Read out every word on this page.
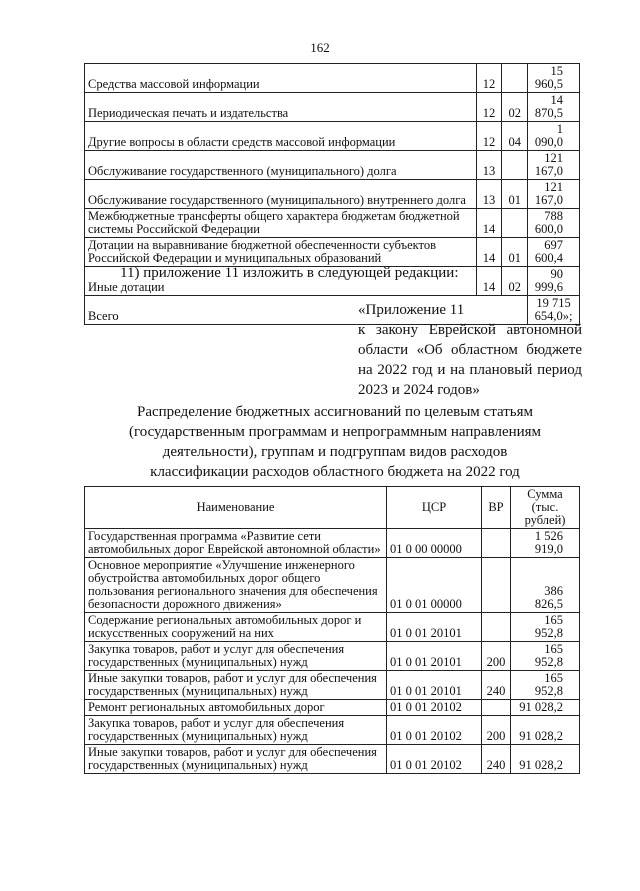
162
Средства массовой информации	12		15 960,5
Периодическая печать и издательства	12	02	14 870,5
Другие вопросы в области средств массовой информации	12	04	1 090,0
Обслуживание государственного (муниципального) долга	13		121 167,0
Обслуживание государственного (муниципального) внутреннего долга	13	01	121 167,0
Межбюджетные трансферты общего характера бюджетам бюджетной системы Российской Федерации	14		788 600,0
Дотации на выравнивание бюджетной обеспеченности субъектов Российской Федерации и муниципальных образований	14	01	697 600,4
Иные дотации	14	02	90 999,6
Всего			19 715 654,0»;
11) приложение 11 изложить в следующей редакции:
«Приложение 11
к закону Еврейской автономной
области «Об областном бюджете
на 2022 год и на плановый период
2023 и 2024 годов»
Распределение бюджетных ассигнований по целевым статьям
(государственным программам и непрограммным направлениям
деятельности), группам и подгруппам видов расходов
классификации расходов областного бюджета на 2022 год
Наименование	ЦСР	ВР	Сумма (тыс. рублей)
Государственная программа «Развитие сети автомобильных дорог Еврейской автономной области»	01 0 00 00000		1 526 919,0
Основное мероприятие «Улучшение инженерного обустройства автомобильных дорог общего пользования регионального значения для обеспечения безопасности дорожного движения»	01 0 01 00000		386 826,5
Содержание региональных автомобильных дорог и искусственных сооружений на них	01 0 01 20101		165 952,8
Закупка товаров, работ и услуг для обеспечения государственных (муниципальных) нужд	01 0 01 20101	200	165 952,8
Иные закупки товаров, работ и услуг для обеспечения государственных (муниципальных) нужд	01 0 01 20101	240	165 952,8
Ремонт региональных автомобильных дорог	01 0 01 20102		91 028,2
Закупка товаров, работ и услуг для обеспечения государственных (муниципальных) нужд	01 0 01 20102	200	91 028,2
Иные закупки товаров, работ и услуг для обеспечения государственных (муниципальных) нужд	01 0 01 20102	240	91 028,2
